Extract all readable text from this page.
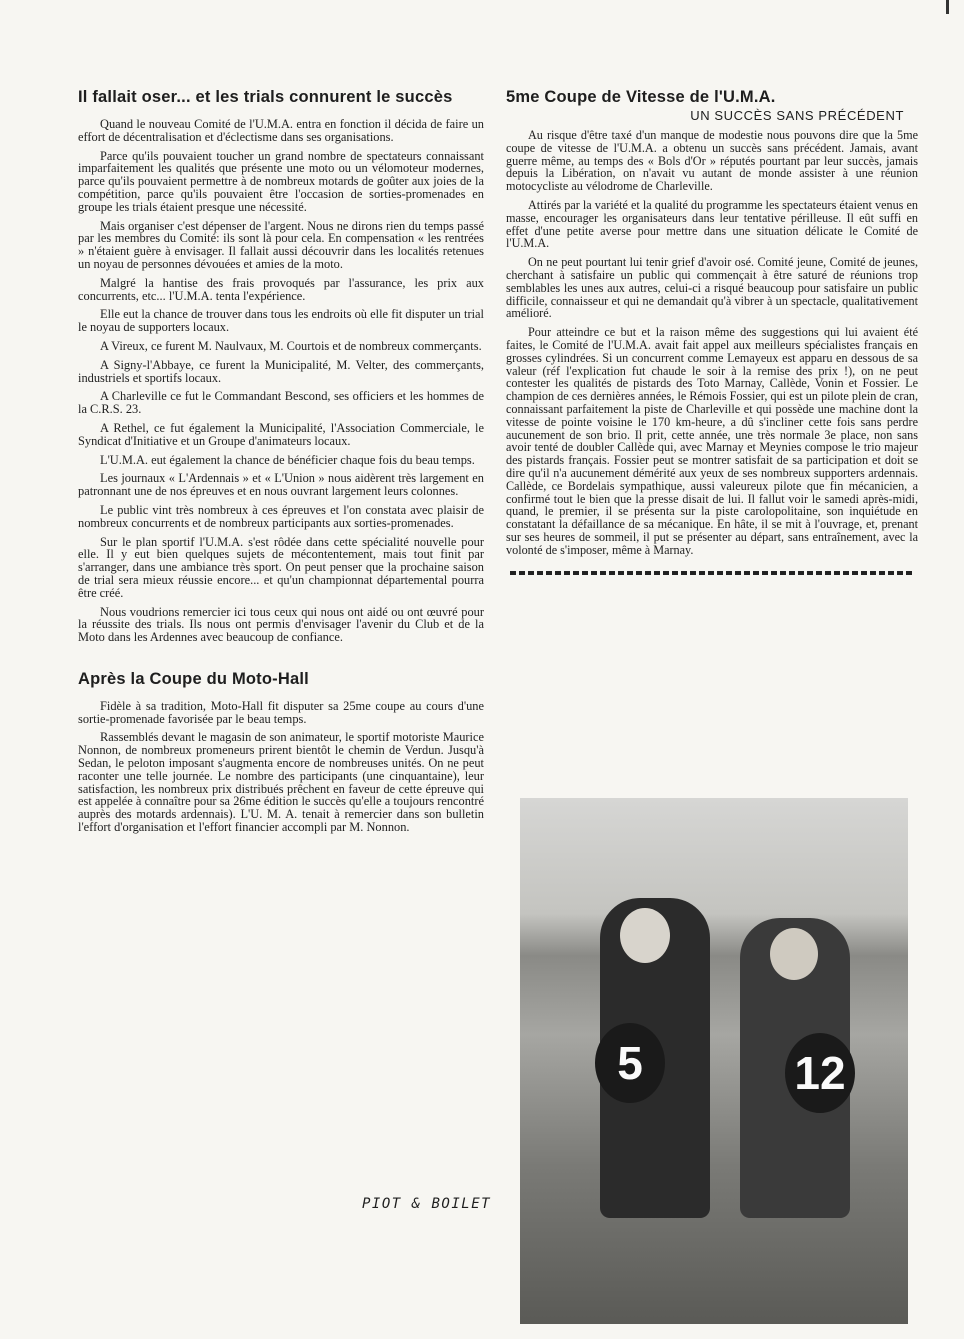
Il fallait oser... et les trials connurent le succès

Quand le nouveau Comité de l'U.M.A. entra en fonction il décida de faire un effort de décentralisation et d'éclectisme dans ses organisations.

Parce qu'ils pouvaient toucher un grand nombre de spectateurs connaissant imparfaitement les qualités que présente une moto ou un vélomoteur modernes, parce qu'ils pouvaient permettre à de nombreux motards de goûter aux joies de la compétition, parce qu'ils pouvaient être l'occasion de sorties-promenades en groupe les trials étaient presque une nécessité.

Mais organiser c'est dépenser de l'argent. Nous ne dirons rien du temps passé par les membres du Comité: ils sont là pour cela. En compensation « les rentrées » n'étaient guère à envisager. Il fallait aussi découvrir dans les localités retenues un noyau de personnes dévouées et amies de la moto.

Malgré la hantise des frais provoqués par l'assurance, les prix aux concurrents, etc... l'U.M.A. tenta l'expérience.

Elle eut la chance de trouver dans tous les endroits où elle fit disputer un trial le noyau de supporters locaux.

A Vireux, ce furent M. Naulvaux, M. Courtois et de nombreux commerçants.

A Signy-l'Abbaye, ce furent la Municipalité, M. Velter, des commerçants, industriels et sportifs locaux.

A Charleville ce fut le Commandant Bescond, ses officiers et les hommes de la C.R.S. 23.

A Rethel, ce fut également la Municipalité, l'Association Commerciale, le Syndicat d'Initiative et un Groupe d'animateurs locaux.

L'U.M.A. eut également la chance de bénéficier chaque fois du beau temps.

Les journaux « L'Ardennais » et « L'Union » nous aidèrent très largement en patronnant une de nos épreuves et en nous ouvrant largement leurs colonnes.

Le public vint très nombreux à ces épreuves et l'on constata avec plaisir de nombreux concurrents et de nombreux participants aux sorties-promenades.

Sur le plan sportif l'U.M.A. s'est rôdée dans cette spécialité nouvelle pour elle. Il y eut bien quelques sujets de mécontentement, mais tout finit par s'arranger, dans une ambiance très sport. On peut penser que la prochaine saison de trial sera mieux réussie encore... et qu'un championnat départemental pourra être créé.

Nous voudrions remercier ici tous ceux qui nous ont aidé ou ont œuvré pour la réussite des trials. Ils nous ont permis d'envisager l'avenir du Club et de la Moto dans les Ardennes avec beaucoup de confiance.

Après la Coupe du Moto-Hall

Fidèle à sa tradition, Moto-Hall fit disputer sa 25me coupe au cours d'une sortie-promenade favorisée par le beau temps.

Rassemblés devant le magasin de son animateur, le sportif motoriste Maurice Nonnon, de nombreux promeneurs prirent bientôt le chemin de Verdun. Jusqu'à Sedan, le peloton imposant s'augmenta encore de nombreuses unités. On ne peut raconter une telle journée. Le nombre des participants (une cinquantaine), leur satisfaction, les nombreux prix distribués prêchent en faveur de cette épreuve qui est appelée à connaître pour sa 26me édition le succès qu'elle a toujours rencontré auprès des motards ardennais). L'U. M. A. tenait à remercier dans son bulletin l'effort d'organisation et l'effort financier accompli par M. Nonnon.

5me Coupe de Vitesse de l'U.M.A.
UN SUCCÈS SANS PRÉCÉDENT

Au risque d'être taxé d'un manque de modestie nous pouvons dire que la 5me coupe de vitesse de l'U.M.A. a obtenu un succès sans précédent. Jamais, avant guerre même, au temps des « Bols d'Or » réputés pourtant par leur succès, jamais depuis la Libération, on n'avait vu autant de monde assister à une réunion motocycliste au vélodrome de Charleville.

Attirés par la variété et la qualité du programme les spectateurs étaient venus en masse, encourager les organisateurs dans leur tentative périlleuse. Il eût suffi en effet d'une petite averse pour mettre dans une situation délicate le Comité de l'U.M.A.

On ne peut pourtant lui tenir grief d'avoir osé. Comité jeune, Comité de jeunes, cherchant à satisfaire un public qui commençait à être saturé de réunions trop semblables les unes aux autres, celui-ci a risqué beaucoup pour satisfaire un public difficile, connaisseur et qui ne demandait qu'à vibrer à un spectacle, qualitativement amélioré.

Pour atteindre ce but et la raison même des suggestions qui lui avaient été faites, le Comité de l'U.M.A. avait fait appel aux meilleurs spécialistes français en grosses cylindrées. Si un concurrent comme Lemayeux est apparu en dessous de sa valeur (réf l'explication fut chaude le soir à la remise des prix !), on ne peut contester les qualités de pistards des Toto Marnay, Callède, Vonin et Fossier. Le champion de ces dernières années, le Rémois Fossier, qui est un pilote plein de cran, connaissant parfaitement la piste de Charleville et qui possède une machine dont la vitesse de pointe voisine le 170 km-heure, a dû s'incliner cette fois sans perdre aucunement de son brio. Il prit, cette année, une très normale 3e place, non sans avoir tenté de doubler Callède qui, avec Marnay et Meynies compose le trio majeur des pistards français. Fossier peut se montrer satisfait de sa participation et doit se dire qu'il n'a aucunement démérité aux yeux de ses nombreux supporters ardennais. Callède, ce Bordelais sympathique, aussi valeureux pilote que fin mécanicien, a confirmé tout le bien que la presse disait de lui. Il fallut voir le samedi après-midi, quand, le premier, il se présenta sur la piste carolopolitaine, son inquiétude en constatant la défaillance de sa mécanique. En hâte, il se mit à l'ouvrage, et, prenant sur ses heures de sommeil, il put se présenter au départ, sans entraînement, avec la volonté de s'imposer, même à Marnay.

5	12
PIOT & BOILET
